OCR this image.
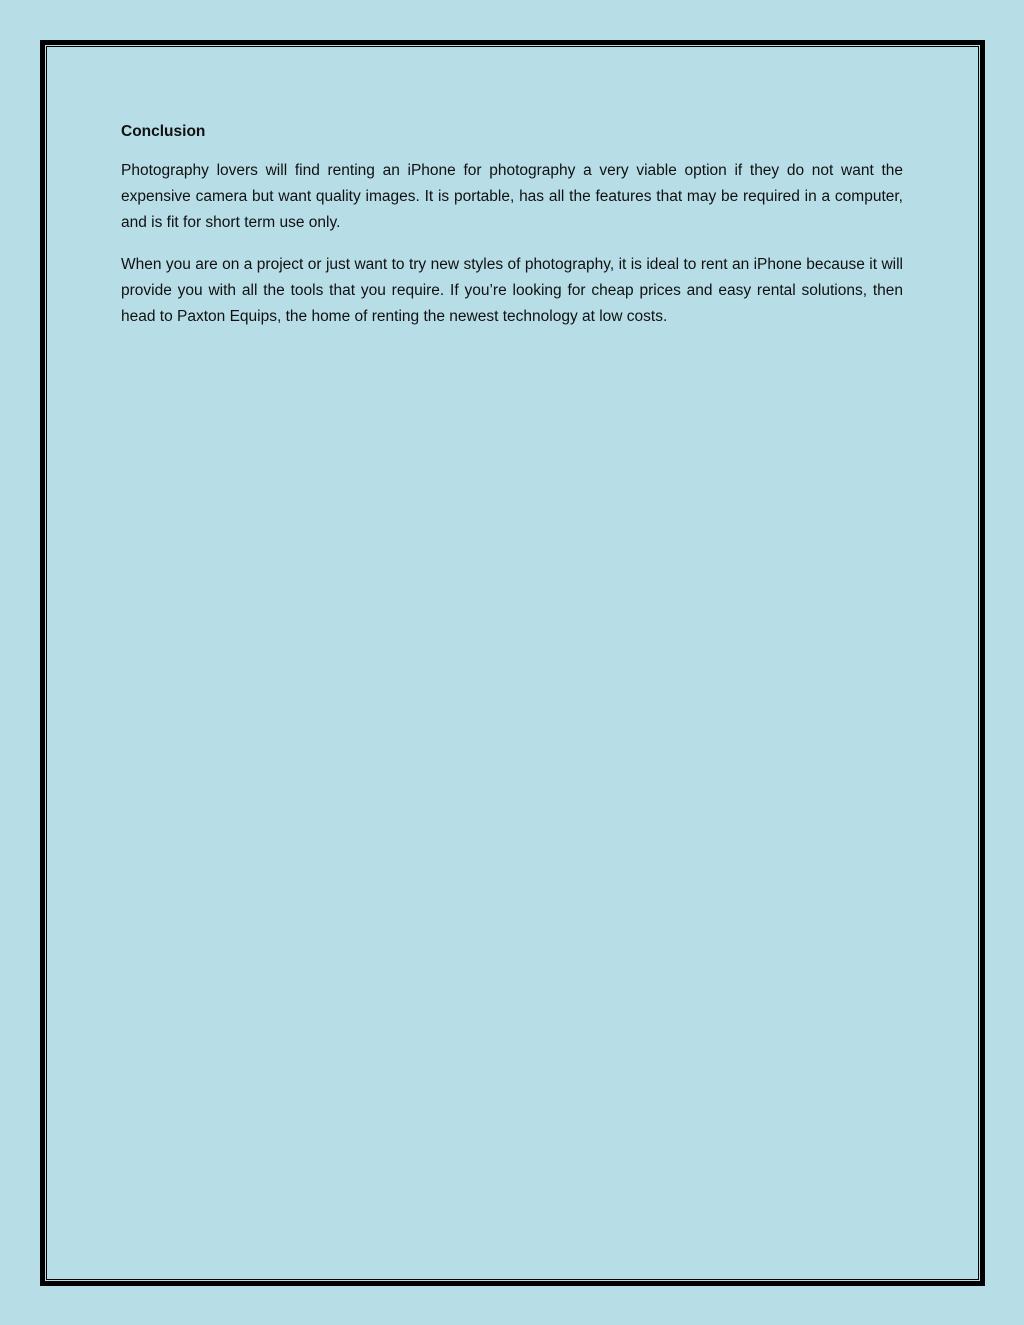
Conclusion

Photography lovers will find renting an iPhone for photography a very viable option if they do not want the expensive camera but want quality images. It is portable, has all the features that may be required in a computer, and is fit for short term use only.

When you are on a project or just want to try new styles of photography, it is ideal to rent an iPhone because it will provide you with all the tools that you require. If you’re looking for cheap prices and easy rental solutions, then head to Paxton Equips, the home of renting the newest technology at low costs.
